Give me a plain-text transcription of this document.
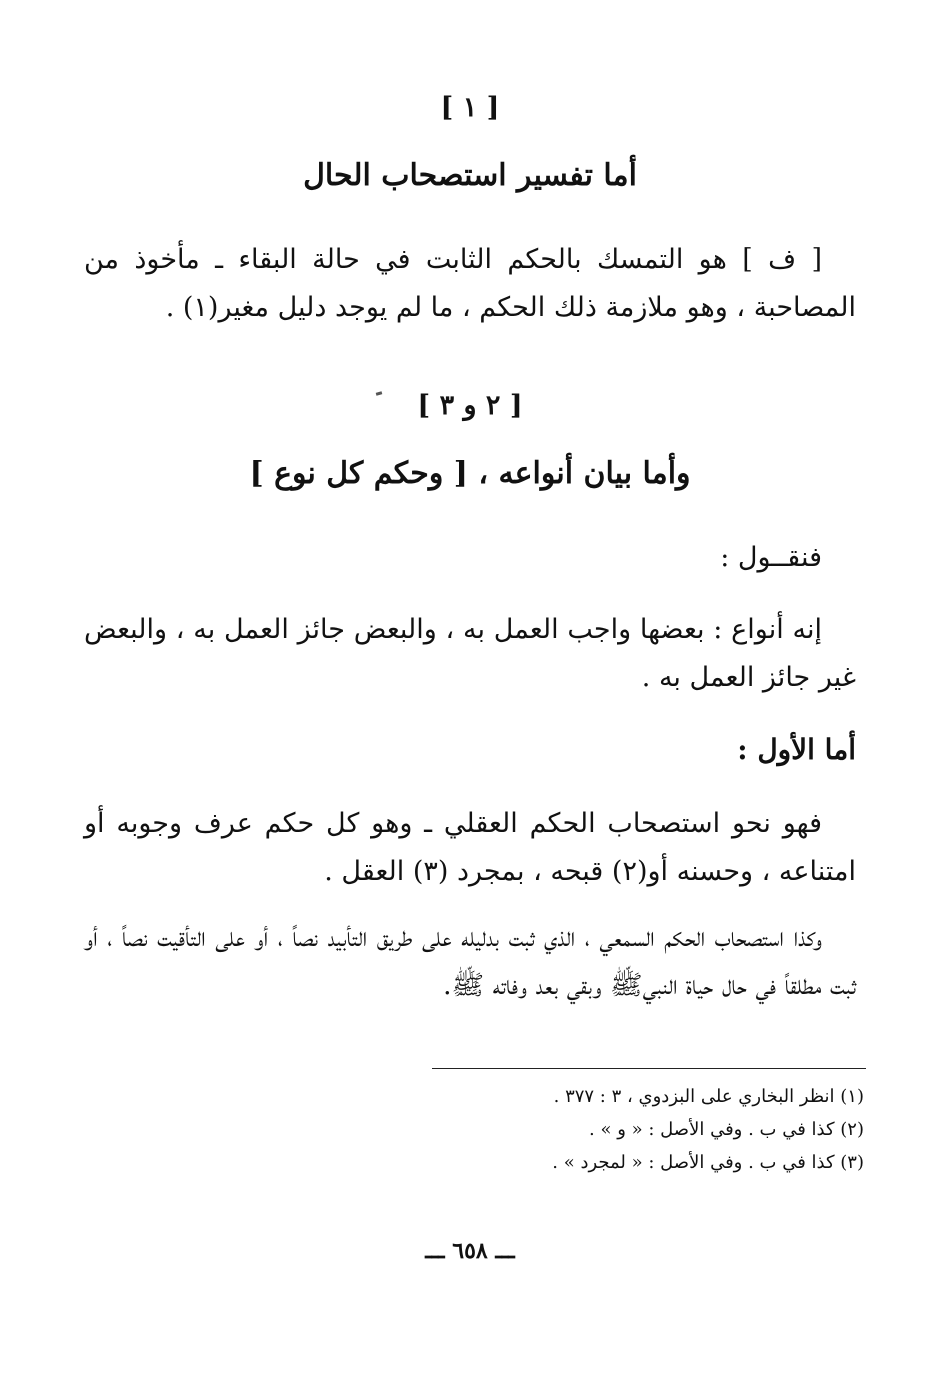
[ ١ ]
أما تفسير استصحاب الحال
[ ف ] هو التمسك بالحكم الثابت في حالة البقاء ـ مأخوذ من المصاحبة ، وهو ملازمة ذلك الحكم ، ما لم يوجد دليل مغير(١) .
[ ٢ و ٣ ]
وأما بيان أنواعه ، [ وحكم كل نوع ]
فنقــول :
إنه أنواع : بعضها واجب العمل به ، والبعض جائز العمل به ، والبعض غير جائز العمل به .
أما الأول :
فهو نحو استصحاب الحكم العقلي ـ وهو كل حكم عرف وجوبه أو امتناعه ، وحسنه أو(٢) قبحه ، بمجرد (٣) العقل .
وكذا استصحاب الحكم السمعي ، الذي ثبت بدليله على طريق التأبيد نصاً ، أو على التأقيت نصاً ، أو ثبت مطلقاً في حال حياة النبيﷺ وبقي بعد وفاته ﷺ.
(١) انظر البخاري على البزدوي ، ٣ : ٣٧٧ .
(٢) كذا في ب . وفي الأصل : « و » .
(٣) كذا في ب . وفي الأصل : « لمجرد » .
ـــ ٦٥٨ ـــ
